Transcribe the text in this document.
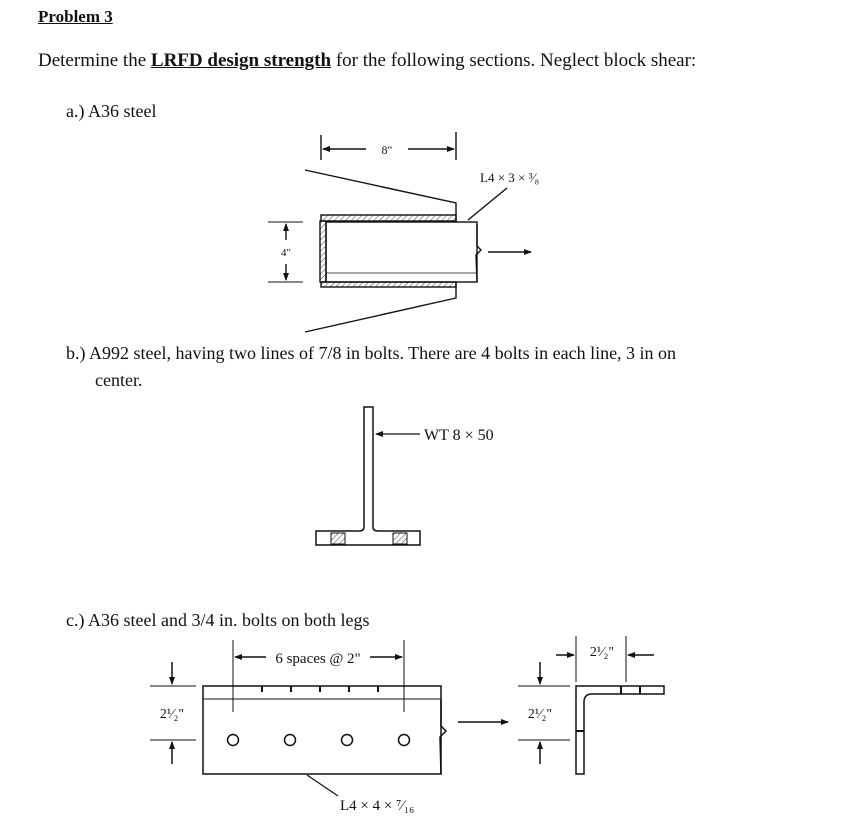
Problem 3
Determine the LRFD design strength for the following sections. Neglect block shear:
a.) A36 steel
b.) A992 steel, having two lines of 7/8 in bolts. There are 4 bolts in each line, 3 in on
center.
c.) A36 steel and 3/4 in. bolts on both legs
8"
4"
L4 × 3 × ³⁄₈
WT 8 × 50
6 spaces @ 2"
2¹⁄₂"	2¹⁄₂"
2¹⁄₂"
L4 × 4 × ⁷⁄₁₆
